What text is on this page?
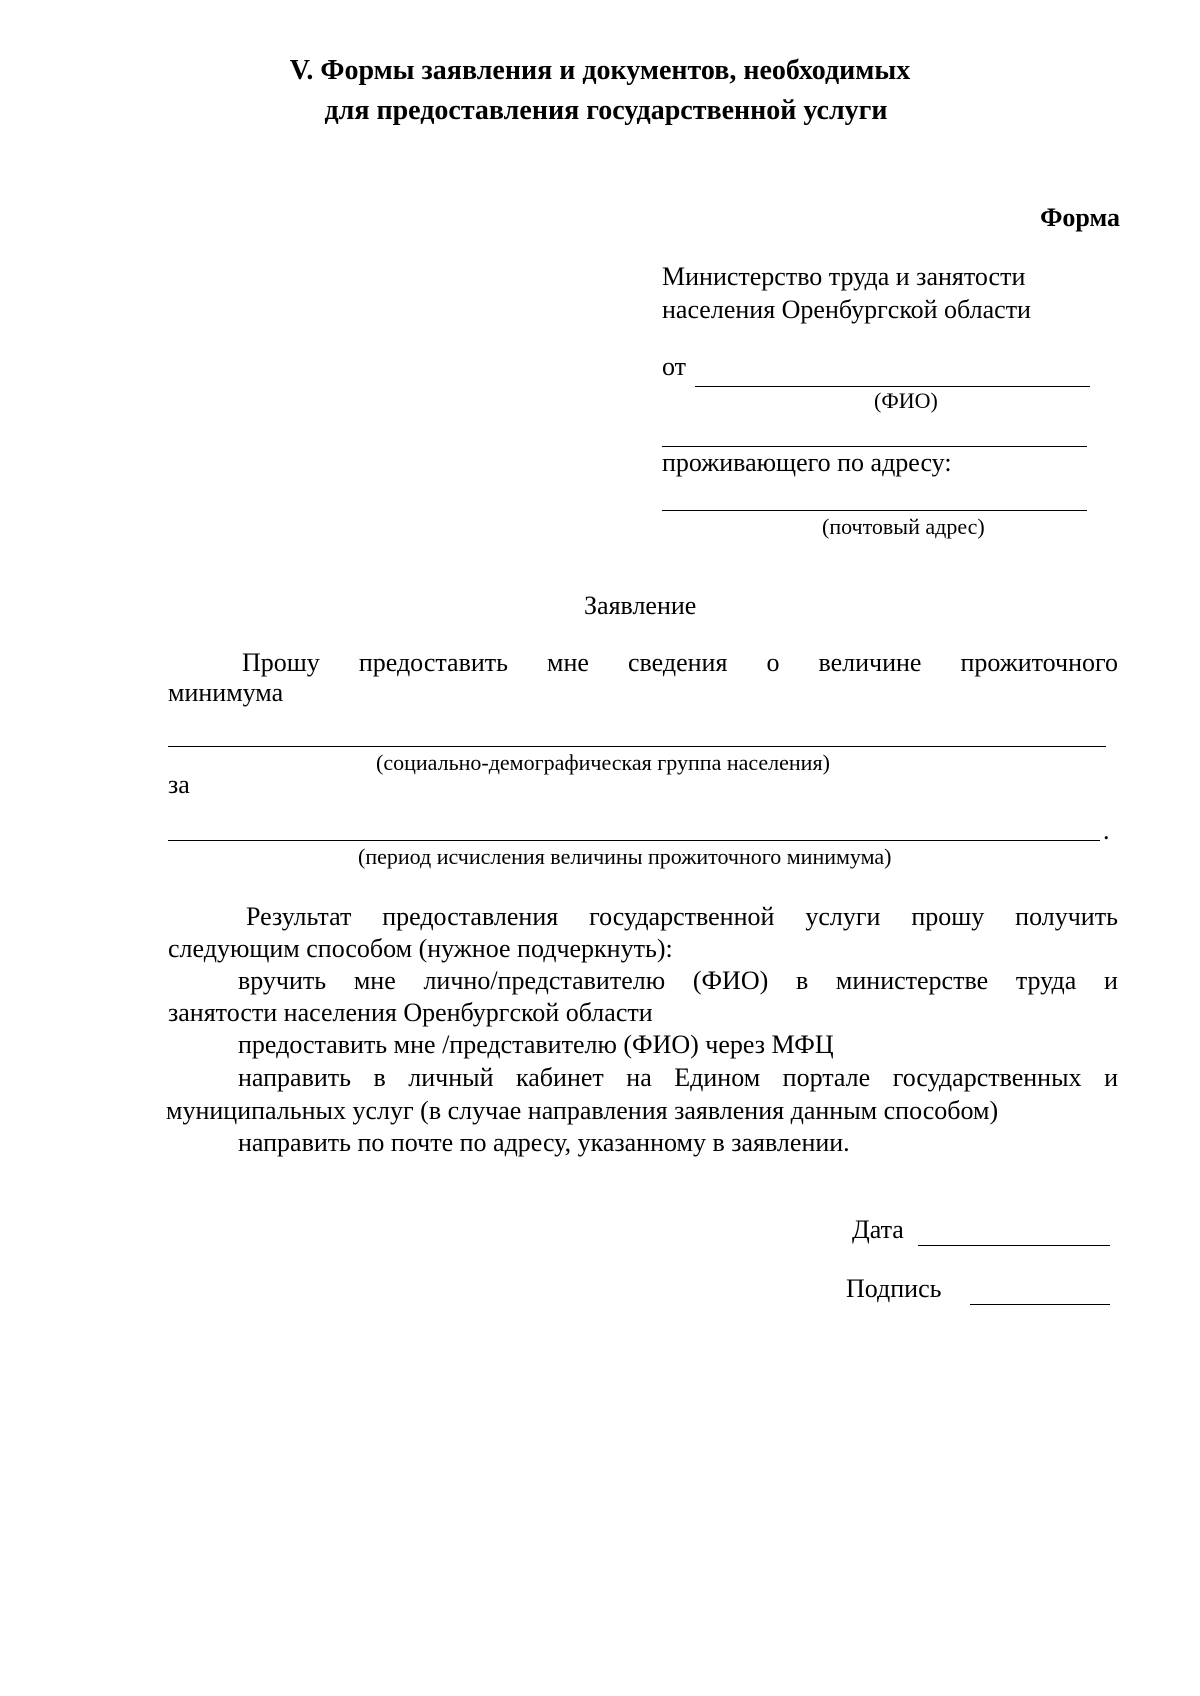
V. Формы заявления и документов, необходимых
для предоставления государственной услуги
Форма
Министерство труда и занятости
населения Оренбургской области
от
(ФИО)
проживающего по адресу:
(почтовый адрес)
Заявление
Прошу предоставить мне сведения о величине прожиточного
минимума
(социально-демографическая группа населения)
за
.
(период исчисления величины прожиточного минимума)
Результат предоставления государственной услуги прошу получить
следующим способом (нужное подчеркнуть):
вручить мне лично/представителю (ФИО) в министерстве труда и
занятости населения Оренбургской области
предоставить мне /представителю (ФИО) через МФЦ
направить в личный кабинет на Едином портале государственных и
муниципальных услуг (в случае направления заявления данным способом)
направить по почте по адресу, указанному в заявлении.
Дата
Подпись
